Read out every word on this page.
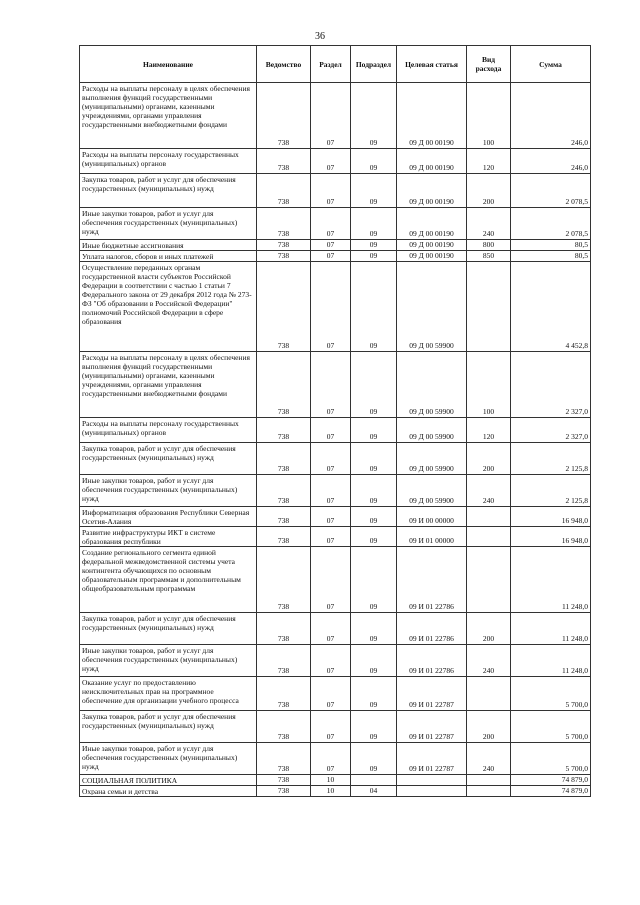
36
Наименование	Ведомство	Раздел	Подраздел	Целевая статья	Вид расхода	Сумма

Расходы на выплаты персоналу в целях обеспечения выполнения функций государственными (муниципальными) органами, казенными учреждениями, органами управления государственными внебюджетными фондами	738	07	09	09 Д 00 00190	100	246,0

Расходы на выплаты персоналу государственных (муниципальных) органов	738	07	09	09 Д 00 00190	120	246,0

Закупка товаров, работ и услуг для обеспечения государственных (муниципальных) нужд	738	07	09	09 Д 00 00190	200	2 078,5

Иные закупки товаров, работ и услуг для обеспечения государственных (муниципальных) нужд	738	07	09	09 Д 00 00190	240	2 078,5

Иные бюджетные ассигнования	738	07	09	09 Д 00 00190	800	80,5

Уплата налогов, сборов и иных платежей	738	07	09	09 Д 00 00190	850	80,5

Осуществление переданных органам государственной власти субъектов Российской Федерации в соответствии с частью 1 статьи 7 Федерального закона от 29 декабря 2012 года № 273-ФЗ "Об образовании в Российской Федерации" полномочий Российской Федерации в сфере образования	738	07	09	09 Д 00 59900		4 452,8

Расходы на выплаты персоналу в целях обеспечения выполнения функций государственными (муниципальными) органами, казенными учреждениями, органами управления государственными внебюджетными фондами	738	07	09	09 Д 00 59900	100	2 327,0

Расходы на выплаты персоналу государственных (муниципальных) органов	738	07	09	09 Д 00 59900	120	2 327,0

Закупка товаров, работ и услуг для обеспечения государственных (муниципальных) нужд	738	07	09	09 Д 00 59900	200	2 125,8

Иные закупки товаров, работ и услуг для обеспечения государственных (муниципальных) нужд	738	07	09	09 Д 00 59900	240	2 125,8

Информатизация образования Республики Северная Осетия-Алания	738	07	09	09 И 00 00000		16 948,0

Развитие инфраструктуры ИКТ в системе образования республики	738	07	09	09 И 01 00000		16 948,0

Создание регионального сегмента единой федеральной межведомственной системы учета контингента обучающихся по основным образовательным программам и дополнительным общеобразовательным программам	738	07	09	09 И 01 22786		11 248,0

Закупка товаров, работ и услуг для обеспечения государственных (муниципальных) нужд	738	07	09	09 И 01 22786	200	11 248,0

Иные закупки товаров, работ и услуг для обеспечения государственных (муниципальных) нужд	738	07	09	09 И 01 22786	240	11 248,0

Оказание услуг по предоставлению неисключительных прав на программное обеспечение для организации учебного процесса	738	07	09	09 И 01 22787		5 700,0

Закупка товаров, работ и услуг для обеспечения государственных (муниципальных) нужд	738	07	09	09 И 01 22787	200	5 700,0

Иные закупки товаров, работ и услуг для обеспечения государственных (муниципальных) нужд	738	07	09	09 И 01 22787	240	5 700,0

СОЦИАЛЬНАЯ ПОЛИТИКА	738	10				74 879,0

Охрана семьи и детства	738	10	04			74 879,0
